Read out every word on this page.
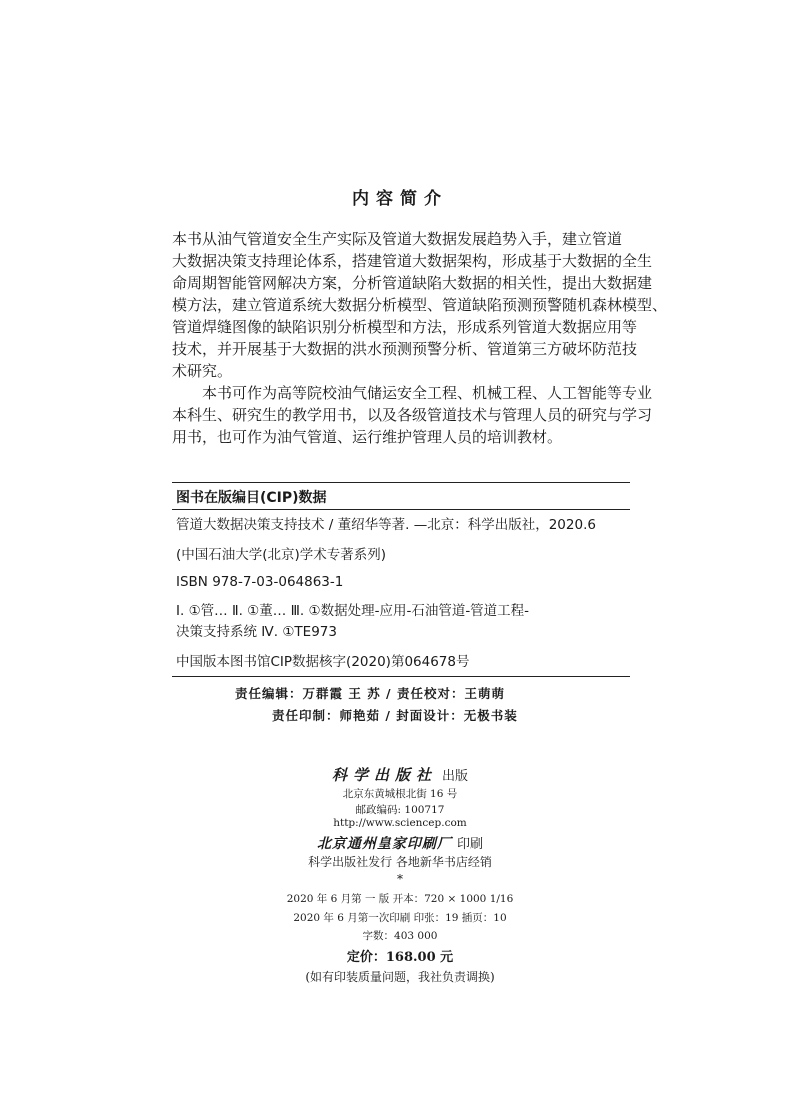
内容简介
本书从油气管道安全生产实际及管道大数据发展趋势入手，建立管道
大数据决策支持理论体系，搭建管道大数据架构，形成基于大数据的全生
命周期智能管网解决方案，分析管道缺陷大数据的相关性，提出大数据建
模方法，建立管道系统大数据分析模型、管道缺陷预测预警随机森林模型、
管道焊缝图像的缺陷识别分析模型和方法，形成系列管道大数据应用等
技术，并开展基于大数据的洪水预测预警分析、管道第三方破坏防范技
术研究。
本书可作为高等院校油气储运安全工程、机械工程、人工智能等专业
本科生、研究生的教学用书，以及各级管道技术与管理人员的研究与学习
用书，也可作为油气管道、运行维护管理人员的培训教材。
图书在版编目(CIP)数据
管道大数据决策支持技术 / 董绍华等著. —北京：科学出版社，2020.6
(中国石油大学(北京)学术专著系列)
ISBN 978-7-03-064863-1
Ⅰ. ①管… Ⅱ. ①董… Ⅲ. ①数据处理-应用-石油管道-管道工程-
决策支持系统 Ⅳ. ①TE973
中国版本图书馆CIP数据核字(2020)第064678号
责任编辑：万群霞 王 苏 / 责任校对：王萌萌
责任印制：师艳茹 / 封面设计：无极书装
科学出版社 出版
北京东黄城根北街 16 号
邮政编码: 100717
http://www.sciencep.com
北京通州皇家印刷厂 印刷
科学出版社发行 各地新华书店经销
*
2020 年 6 月第 一 版 开本：720 × 1000 1/16
2020 年 6 月第一次印刷 印张：19 插页：10
字数：403 000
定价：168.00 元
(如有印装质量问题，我社负责调换)
